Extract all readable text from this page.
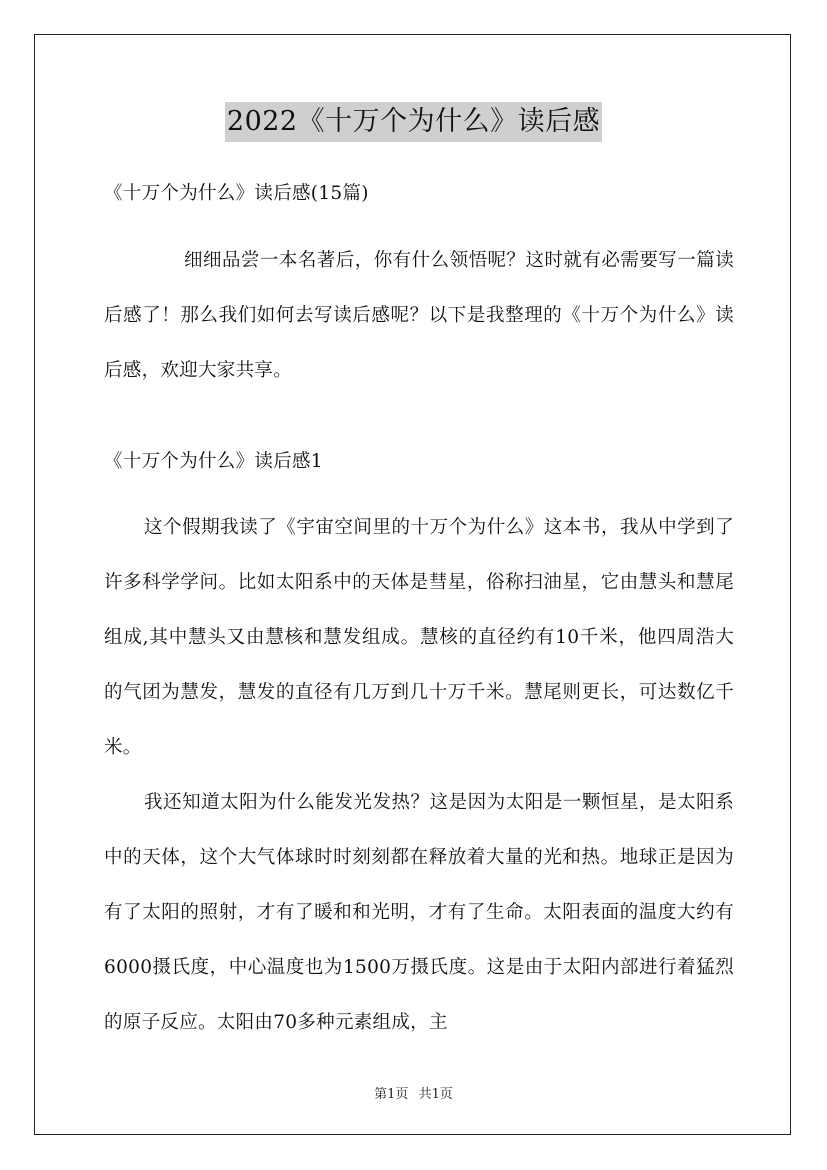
2022《十万个为什么》读后感

《十万个为什么》读后感(15篇)

细细品尝一本名著后，你有什么领悟呢？这时就有必需要写一篇读后感了！那么我们如何去写读后感呢？以下是我整理的《十万个为什么》读后感，欢迎大家共享。

《十万个为什么》读后感1

这个假期我读了《宇宙空间里的十万个为什么》这本书，我从中学到了许多科学学问。比如太阳系中的天体是彗星，俗称扫油星，它由慧头和慧尾组成,其中慧头又由慧核和慧发组成。慧核的直径约有10千米，他四周浩大的气团为慧发，慧发的直径有几万到几十万千米。慧尾则更长，可达数亿千米。

我还知道太阳为什么能发光发热？这是因为太阳是一颗恒星，是太阳系中的天体，这个大气体球时时刻刻都在释放着大量的光和热。地球正是因为有了太阳的照射，才有了暖和和光明，才有了生命。太阳表面的温度大约有6000摄氏度，中心温度也为1500万摄氏度。这是由于太阳内部进行着猛烈的原子反应。太阳由70多种元素组成，主

第1页 共1页
